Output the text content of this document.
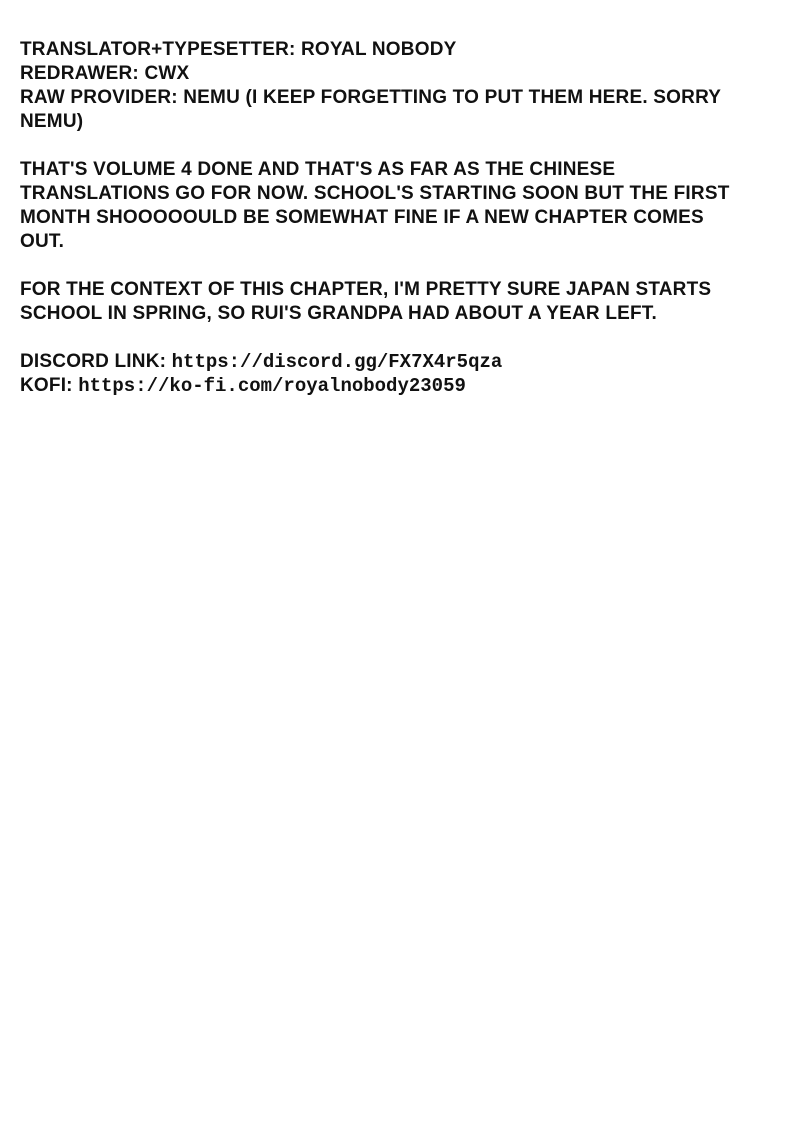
TRANSLATOR+TYPESETTER: ROYAL NOBODY
REDRAWER: CWX
RAW PROVIDER: NEMU (I KEEP FORGETTING TO PUT THEM HERE. SORRY
NEMU)
THAT'S VOLUME 4 DONE AND THAT'S AS FAR AS THE CHINESE
TRANSLATIONS GO FOR NOW. SCHOOL'S STARTING SOON BUT THE FIRST
MONTH SHOOOOOULD BE SOMEWHAT FINE IF A NEW CHAPTER COMES
OUT.
FOR THE CONTEXT OF THIS CHAPTER, I'M PRETTY SURE JAPAN STARTS
SCHOOL IN SPRING, SO RUI'S GRANDPA HAD ABOUT A YEAR LEFT.
DISCORD LINK: https://discord.gg/FX7X4r5qza
KOFI: https://ko-fi.com/royalnobody23059
